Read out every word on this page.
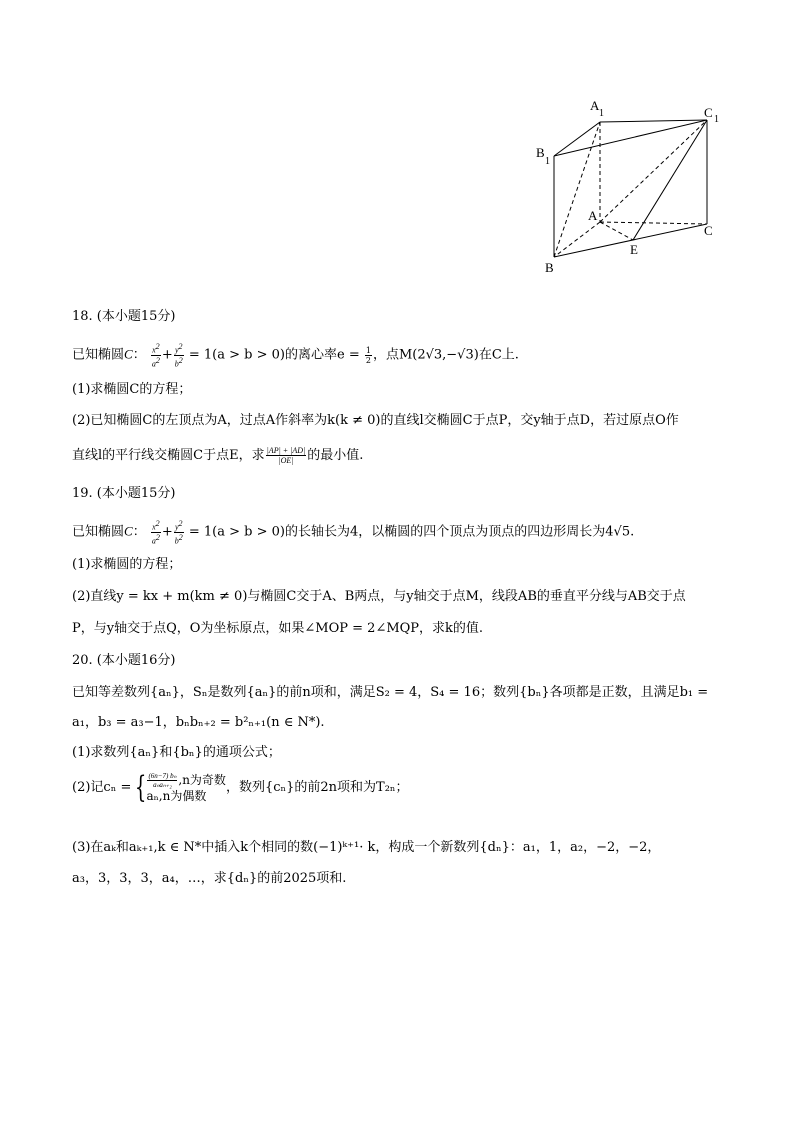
A
1	C 1
B
1
A
C
B
E
18. (本小题15分)
已知椭圆C： $\frac{x^2}{a^2} + \frac{y^2}{b^2} = 1(a > b > 0)$的离心率$e = \frac{1}{2}$ ，点M(2√3,−√3)在C上.
(1)求椭圆C的方程；
(2)已知椭圆C的左顶点为A，过点A作斜率为k(k ≠ 0)的直线l交椭圆C于点P，交y轴于点D，若过原点O作
直线l的平行线交椭圆C于点E，求 $\frac{|AP| + |AD|}{|OE|}$ 的最小值.
19. (本小题15分)
已知椭圆C： $\frac{x^2}{a^2} + \frac{y^2}{b^2} = 1(a > b > 0)$的长轴长为4，以椭圆的四个顶点为顶点的四边形周长为4√5.
(1)求椭圆的方程；
(2)直线y = kx + m(km ≠ 0)与椭圆C交于A、B两点，与y轴交于点M，线段AB的垂直平分线与AB交于点
P，与y轴交于点Q，O为坐标原点，如果∠MOP = 2∠MQP，求k的值.
20. (本小题16分)
已知等差数列{aₙ}，Sₙ是数列{aₙ}的前n项和，满足S₂ = 4，S₄ = 16；数列{bₙ}各项都是正数，且满足b₁ =
a₁，b₃ = a₃−1，bₙbₙ₊₂ = b²ₙ₊₁(n ∈ N*).
(1)求数列{aₙ}和{bₙ}的通项公式；
(2)记cₙ = { $\frac{\text{(6n−7) bₙ}}{\text{aₙaₙ₊₂}} ,n$为奇数
aₙ,n为偶数
，数列{cₙ}的前2n项和为T₂ₙ；
(3)在aₖ和aₖ₊₁,k ∈ N*中插入k个相同的数(−1)ᵏ⁺¹· k，构成一个新数列{dₙ}：a₁，1，a₂，−2，−2，
a₃，3，3，3，a₄，…，求{dₙ}的前2025项和.
